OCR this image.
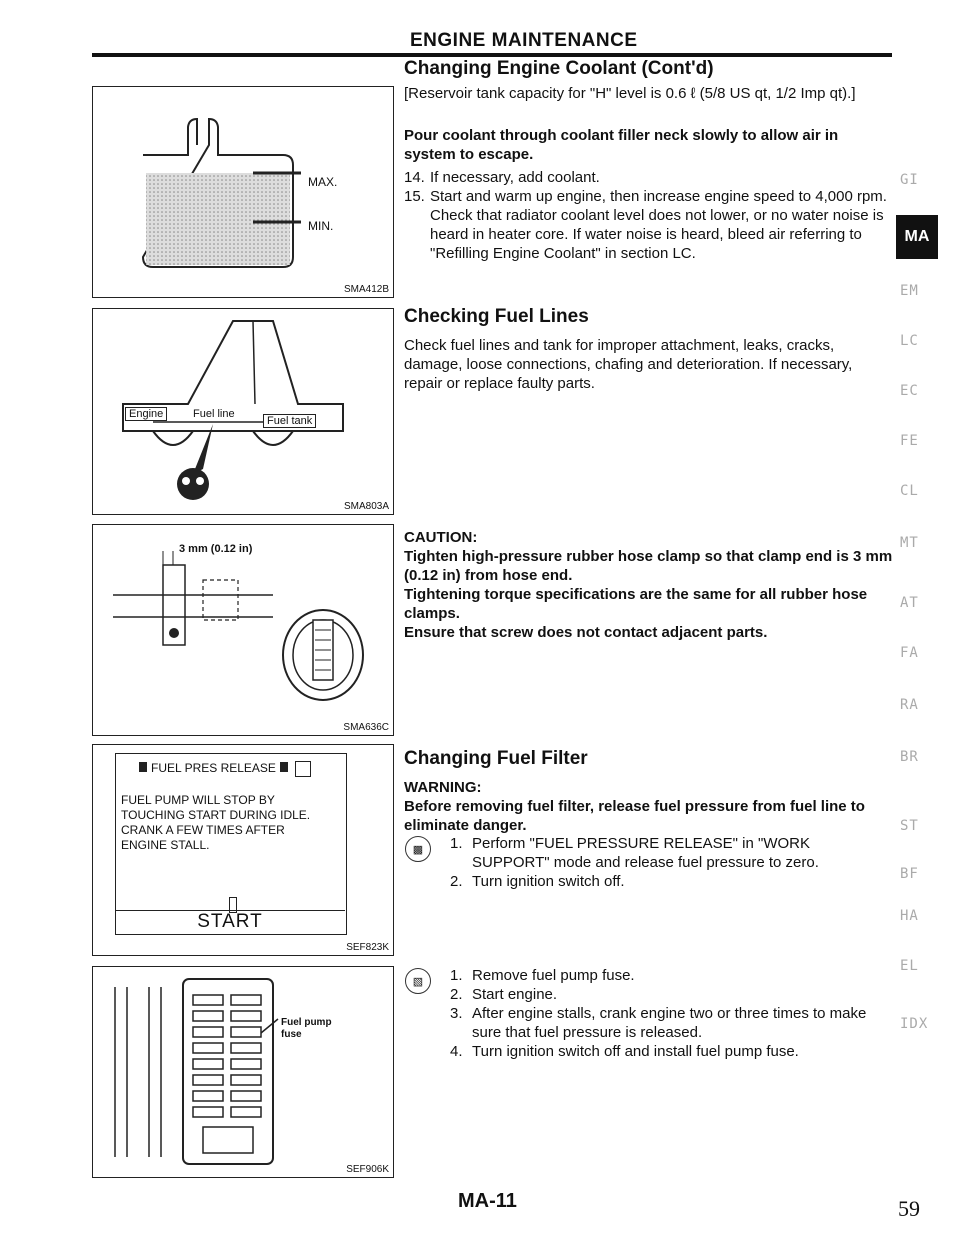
ENGINE MAINTENANCE
MAX.
MIN.
SMA412B
Engine	Fuel line
Fuel tank
SMA803A
3 mm (0.12 in)
SMA636C
FUEL PRES RELEASE
FUEL PUMP WILL STOP BY TOUCHING START DURING IDLE. CRANK A FEW TIMES AFTER ENGINE STALL.
START
SEF823K
Fuel pump fuse
SEF906K
Changing Engine Coolant (Cont'd)

[Reservoir tank capacity for "H" level is 0.6 ℓ (5/8 US qt, 1/2 Imp qt).]

Pour coolant through coolant filler neck slowly to allow air in system to escape.

14. If necessary, add coolant.
15. Start and warm up engine, then increase engine speed to 4,000 rpm. Check that radiator coolant level does not lower, or no water noise is heard in heater core. If water noise is heard, bleed air referring to "Refilling Engine Coolant" in section LC.
Checking Fuel Lines

Check fuel lines and tank for improper attachment, leaks, cracks, damage, loose connections, chafing and deterioration. If necessary, repair or replace faulty parts.

CAUTION:

Tighten high-pressure rubber hose clamp so that clamp end is 3 mm (0.12 in) from hose end.

Tightening torque specifications are the same for all rubber hose clamps.

Ensure that screw does not contact adjacent parts.

Changing Fuel Filter
WARNING:

Before removing fuel filter, release fuel pressure from fuel line to eliminate danger.

▩	1. Perform "FUEL PRESSURE RELEASE" in "WORK SUPPORT" mode and release fuel pressure to zero.
2. Turn ignition switch off.
▧	1. Remove fuel pump fuse.
2. Start engine.
3. After engine stalls, crank engine two or three times to make sure that fuel pressure is released.
4. Turn ignition switch off and install fuel pump fuse.
GI
MA
EM
LC
EC
FE
CL
MT
AT
FA
RA
BR
ST
BF
HA
EL
IDX
MA-11	59
